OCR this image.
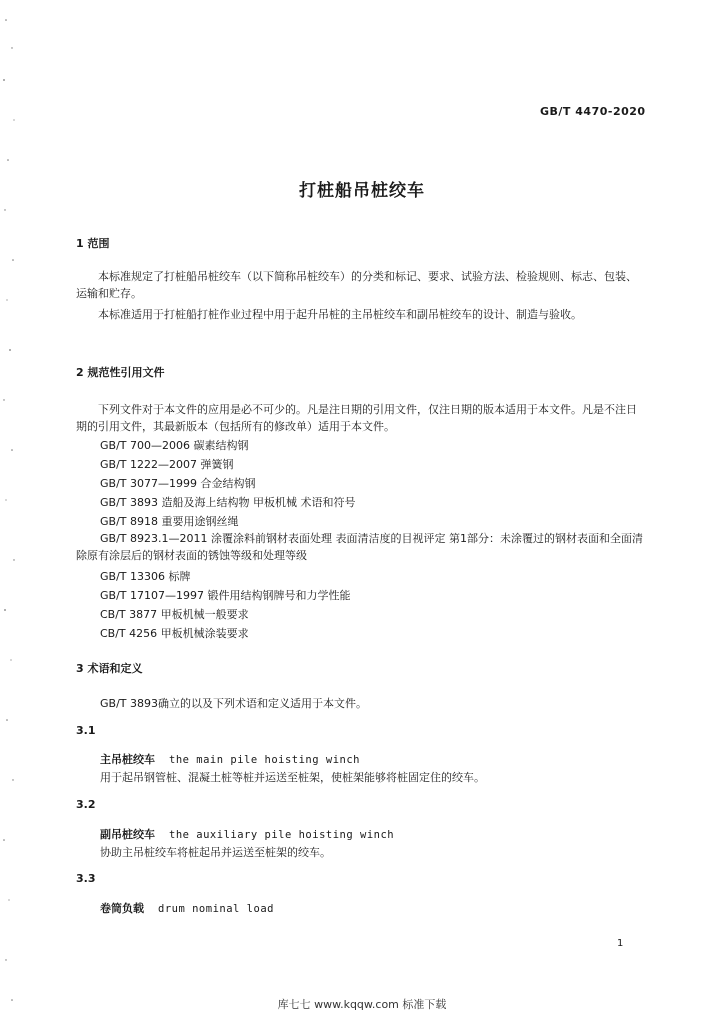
GB/T 4470-2020
打桩船吊桩绞车
1 范围
本标准规定了打桩船吊桩绞车（以下简称吊桩绞车）的分类和标记、要求、试验方法、检验规则、标志、包装、运输和贮存。
本标准适用于打桩船打桩作业过程中用于起升吊桩的主吊桩绞车和副吊桩绞车的设计、制造与验收。
2 规范性引用文件
下列文件对于本文件的应用是必不可少的。凡是注日期的引用文件，仅注日期的版本适用于本文件。凡是不注日期的引用文件，其最新版本（包括所有的修改单）适用于本文件。
GB/T 700—2006 碳素结构钢
GB/T 1222—2007 弹簧钢
GB/T 3077—1999 合金结构钢
GB/T 3893 造船及海上结构物 甲板机械 术语和符号
GB/T 8918 重要用途钢丝绳
GB/T 8923.1—2011 涂覆涂料前钢材表面处理 表面清洁度的目视评定 第1部分：未涂覆过的钢材表面和全面清除原有涂层后的钢材表面的锈蚀等级和处理等级
GB/T 13306 标牌
GB/T 17107—1997 锻件用结构钢牌号和力学性能
CB/T 3877 甲板机械一般要求
CB/T 4256 甲板机械涂装要求
3 术语和定义
GB/T 3893确立的以及下列术语和定义适用于本文件。
3.1
主吊桩绞车 the main pile hoisting winch
用于起吊钢管桩、混凝土桩等桩并运送至桩架，使桩架能够将桩固定住的绞车。
3.2
副吊桩绞车 the auxiliary pile hoisting winch
协助主吊桩绞车将桩起吊并运送至桩架的绞车。
3.3
卷筒负载 drum nominal load
1
库七七 www.kqqw.com 标准下载
